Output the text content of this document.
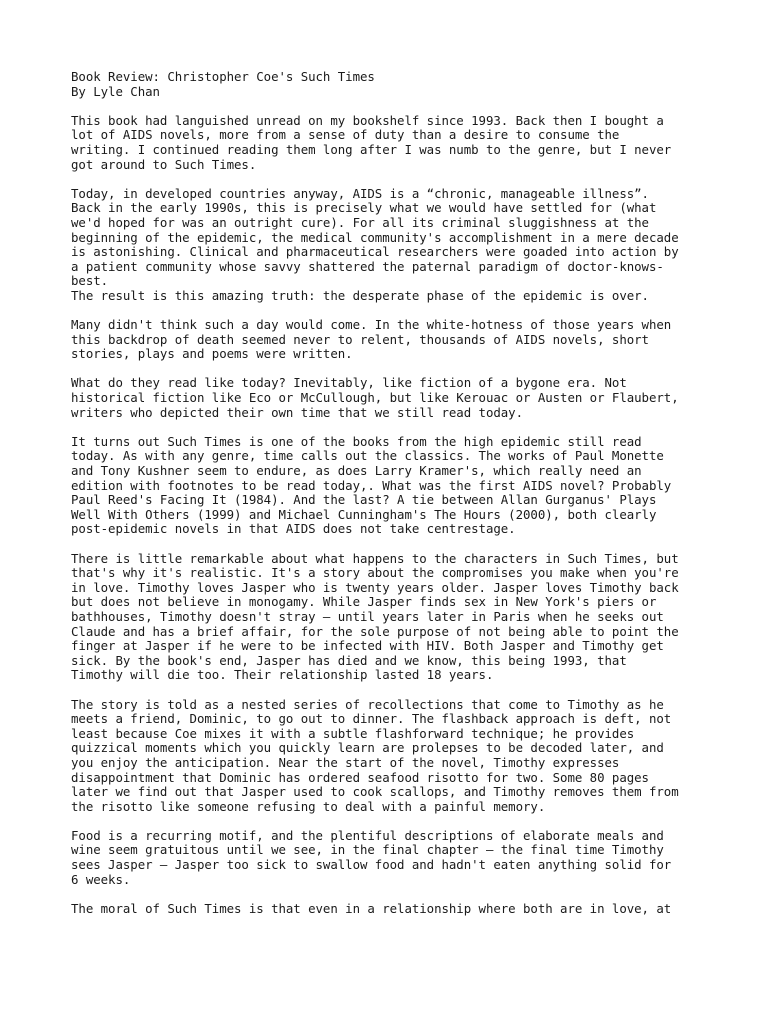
Book Review: Christopher Coe's Such Times
By Lyle Chan
This book had languished unread on my bookshelf since 1993. Back then I bought a
lot of AIDS novels, more from a sense of duty than a desire to consume the
writing. I continued reading them long after I was numb to the genre, but I never
got around to Such Times.
Today, in developed countries anyway, AIDS is a “chronic, manageable illness”.
Back in the early 1990s, this is precisely what we would have settled for (what
we'd hoped for was an outright cure). For all its criminal sluggishness at the
beginning of the epidemic, the medical community's accomplishment in a mere decade
is astonishing. Clinical and pharmaceutical researchers were goaded into action by
a patient community whose savvy shattered the paternal paradigm of doctor-knows-
best.
The result is this amazing truth: the desperate phase of the epidemic is over.
Many didn't think such a day would come. In the white-hotness of those years when
this backdrop of death seemed never to relent, thousands of AIDS novels, short
stories, plays and poems were written.
What do they read like today? Inevitably, like fiction of a bygone era. Not
historical fiction like Eco or McCullough, but like Kerouac or Austen or Flaubert,
writers who depicted their own time that we still read today.
It turns out Such Times is one of the books from the high epidemic still read
today. As with any genre, time calls out the classics. The works of Paul Monette
and Tony Kushner seem to endure, as does Larry Kramer's, which really need an
edition with footnotes to be read today,. What was the first AIDS novel? Probably
Paul Reed's Facing It (1984). And the last? A tie between Allan Gurganus' Plays
Well With Others (1999) and Michael Cunningham's The Hours (2000), both clearly
post-epidemic novels in that AIDS does not take centrestage.
There is little remarkable about what happens to the characters in Such Times, but
that's why it's realistic. It's a story about the compromises you make when you're
in love. Timothy loves Jasper who is twenty years older. Jasper loves Timothy back
but does not believe in monogamy. While Jasper finds sex in New York's piers or
bathhouses, Timothy doesn't stray – until years later in Paris when he seeks out
Claude and has a brief affair, for the sole purpose of not being able to point the
finger at Jasper if he were to be infected with HIV. Both Jasper and Timothy get
sick. By the book's end, Jasper has died and we know, this being 1993, that
Timothy will die too. Their relationship lasted 18 years.
The story is told as a nested series of recollections that come to Timothy as he
meets a friend, Dominic, to go out to dinner. The flashback approach is deft, not
least because Coe mixes it with a subtle flashforward technique; he provides
quizzical moments which you quickly learn are prolepses to be decoded later, and
you enjoy the anticipation. Near the start of the novel, Timothy expresses
disappointment that Dominic has ordered seafood risotto for two. Some 80 pages
later we find out that Jasper used to cook scallops, and Timothy removes them from
the risotto like someone refusing to deal with a painful memory.
Food is a recurring motif, and the plentiful descriptions of elaborate meals and
wine seem gratuitous until we see, in the final chapter – the final time Timothy
sees Jasper – Jasper too sick to swallow food and hadn't eaten anything solid for
6 weeks.
The moral of Such Times is that even in a relationship where both are in love, at
